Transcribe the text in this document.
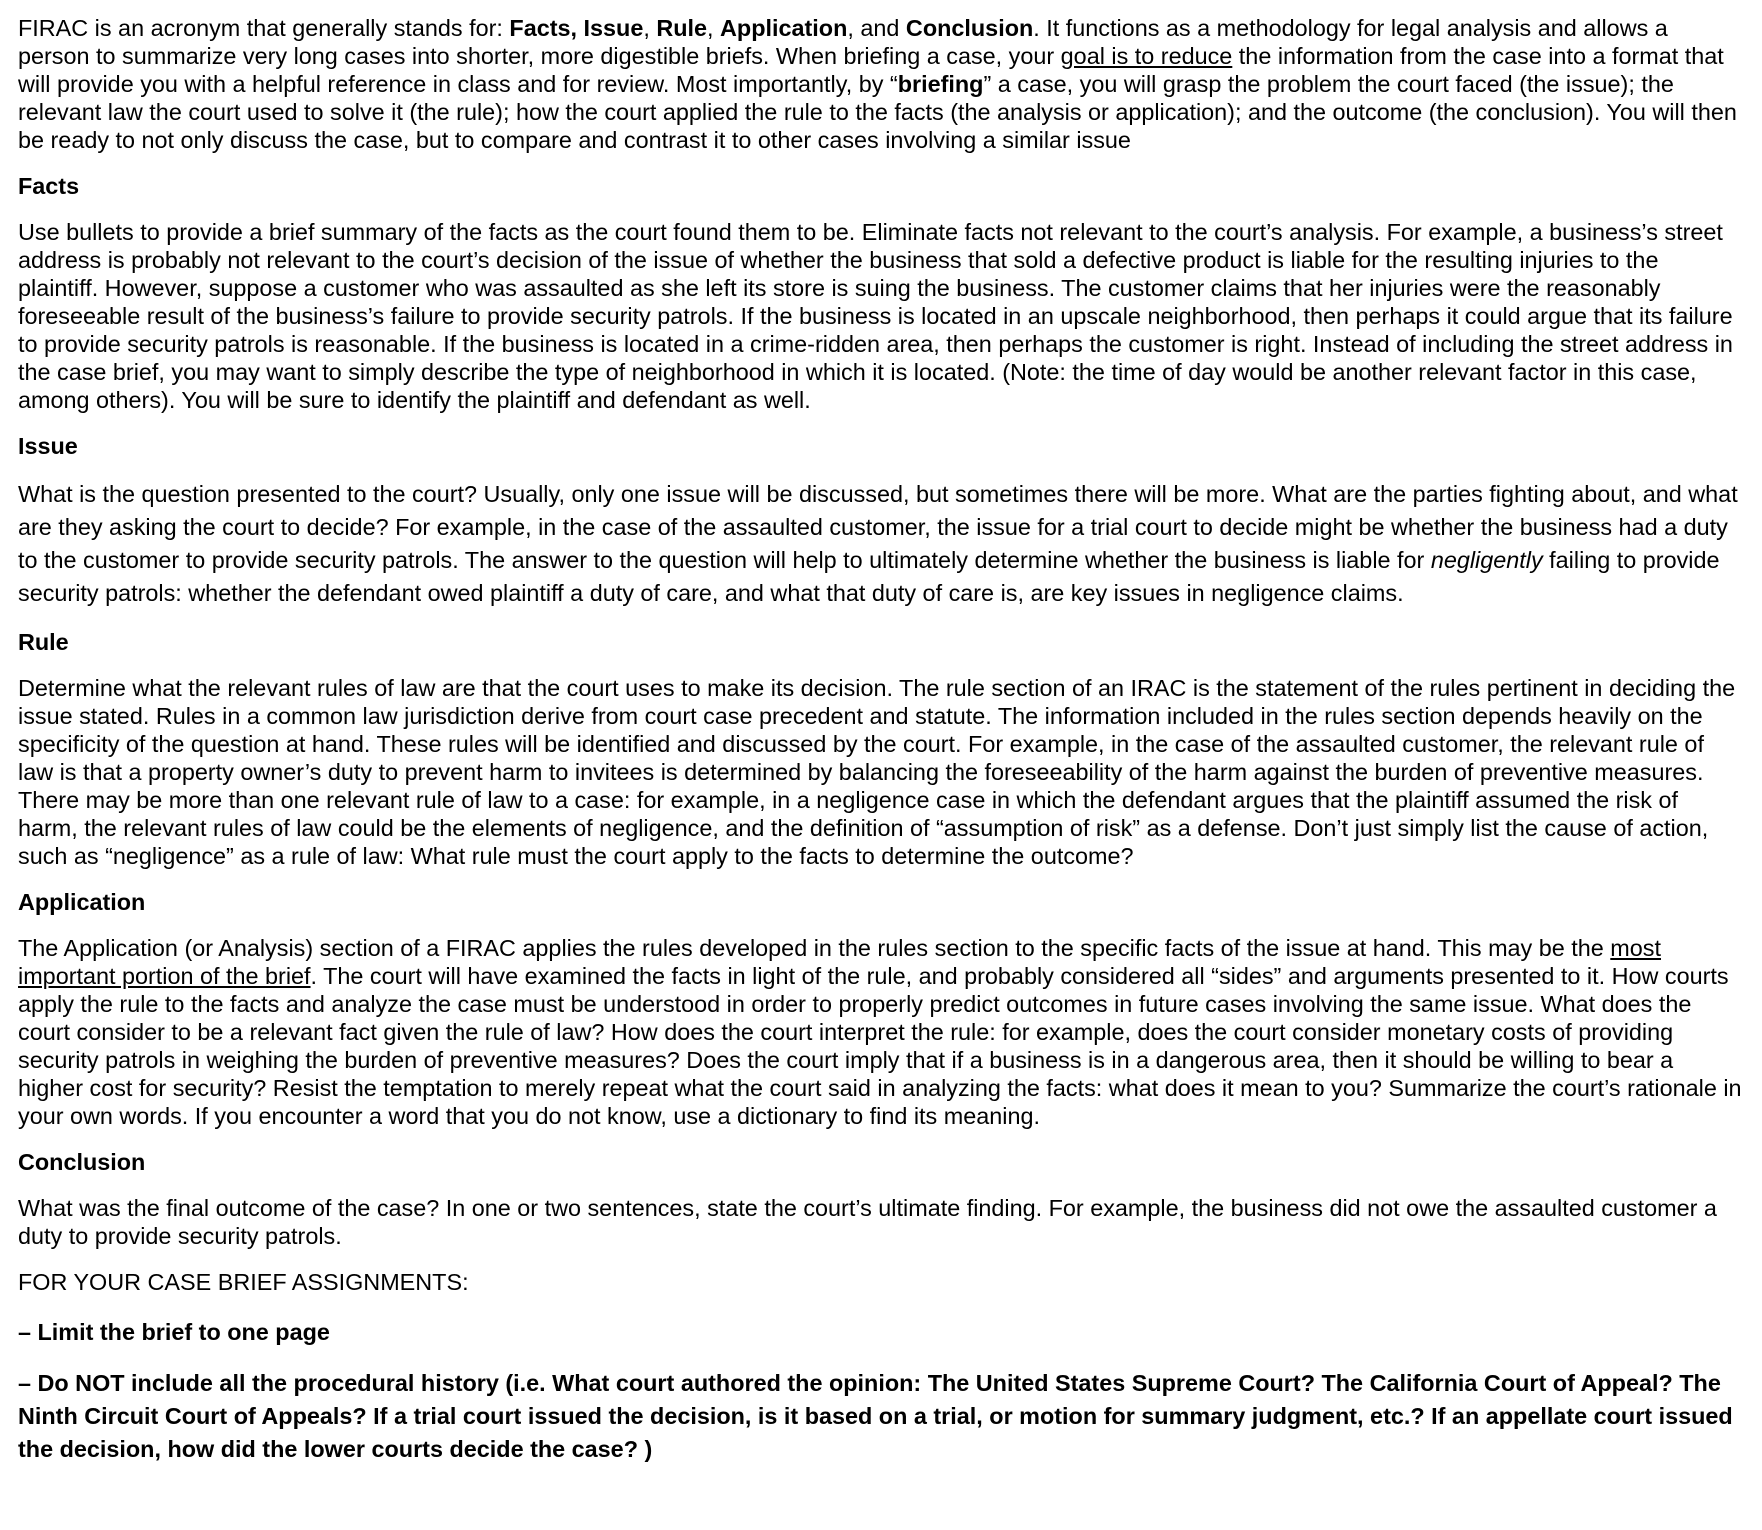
FIRAC is an acronym that generally stands for: Facts, Issue, Rule, Application, and Conclusion. It functions as a methodology for legal analysis and allows a person to summarize very long cases into shorter, more digestible briefs. When briefing a case, your goal is to reduce the information from the case into a format that will provide you with a helpful reference in class and for review. Most importantly, by “briefing” a case, you will grasp the problem the court faced (the issue); the relevant law the court used to solve it (the rule); how the court applied the rule to the facts (the analysis or application); and the outcome (the conclusion). You will then be ready to not only discuss the case, but to compare and contrast it to other cases involving a similar issue

Facts

Use bullets to provide a brief summary of the facts as the court found them to be. Eliminate facts not relevant to the court’s analysis. For example, a business’s street address is probably not relevant to the court’s decision of the issue of whether the business that sold a defective product is liable for the resulting injuries to the plaintiff. However, suppose a customer who was assaulted as she left its store is suing the business. The customer claims that her injuries were the reasonably foreseeable result of the business’s failure to provide security patrols. If the business is located in an upscale neighborhood, then perhaps it could argue that its failure to provide security patrols is reasonable. If the business is located in a crime-ridden area, then perhaps the customer is right. Instead of including the street address in the case brief, you may want to simply describe the type of neighborhood in which it is located. (Note: the time of day would be another relevant factor in this case, among others). You will be sure to identify the plaintiff and defendant as well.

Issue

What is the question presented to the court? Usually, only one issue will be discussed, but sometimes there will be more. What are the parties fighting about, and what are they asking the court to decide? For example, in the case of the assaulted customer, the issue for a trial court to decide might be whether the business had a duty to the customer to provide security patrols. The answer to the question will help to ultimately determine whether the business is liable for negligently failing to provide security patrols: whether the defendant owed plaintiff a duty of care, and what that duty of care is, are key issues in negligence claims.

Rule

Determine what the relevant rules of law are that the court uses to make its decision. The rule section of an IRAC is the statement of the rules pertinent in deciding the issue stated. Rules in a common law jurisdiction derive from court case precedent and statute. The information included in the rules section depends heavily on the specificity of the question at hand. These rules will be identified and discussed by the court. For example, in the case of the assaulted customer, the relevant rule of law is that a property owner’s duty to prevent harm to invitees is determined by balancing the foreseeability of the harm against the burden of preventive measures. There may be more than one relevant rule of law to a case: for example, in a negligence case in which the defendant argues that the plaintiff assumed the risk of harm, the relevant rules of law could be the elements of negligence, and the definition of “assumption of risk” as a defense. Don’t just simply list the cause of action, such as “negligence” as a rule of law: What rule must the court apply to the facts to determine the outcome?

Application

The Application (or Analysis) section of a FIRAC applies the rules developed in the rules section to the specific facts of the issue at hand. This may be the most important portion of the brief. The court will have examined the facts in light of the rule, and probably considered all “sides” and arguments presented to it. How courts apply the rule to the facts and analyze the case must be understood in order to properly predict outcomes in future cases involving the same issue. What does the court consider to be a relevant fact given the rule of law? How does the court interpret the rule: for example, does the court consider monetary costs of providing security patrols in weighing the burden of preventive measures? Does the court imply that if a business is in a dangerous area, then it should be willing to bear a higher cost for security? Resist the temptation to merely repeat what the court said in analyzing the facts: what does it mean to you? Summarize the court’s rationale in your own words. If you encounter a word that you do not know, use a dictionary to find its meaning.

Conclusion

What was the final outcome of the case? In one or two sentences, state the court’s ultimate finding. For example, the business did not owe the assaulted customer a duty to provide security patrols.

FOR YOUR CASE BRIEF ASSIGNMENTS:
– Limit the brief to one page
– Do NOT include all the procedural history (i.e. What court authored the opinion: The United States Supreme Court? The California Court of Appeal? The Ninth Circuit Court of Appeals? If a trial court issued the decision, is it based on a trial, or motion for summary judgment, etc.? If an appellate court issued the decision, how did the lower courts decide the case? )
